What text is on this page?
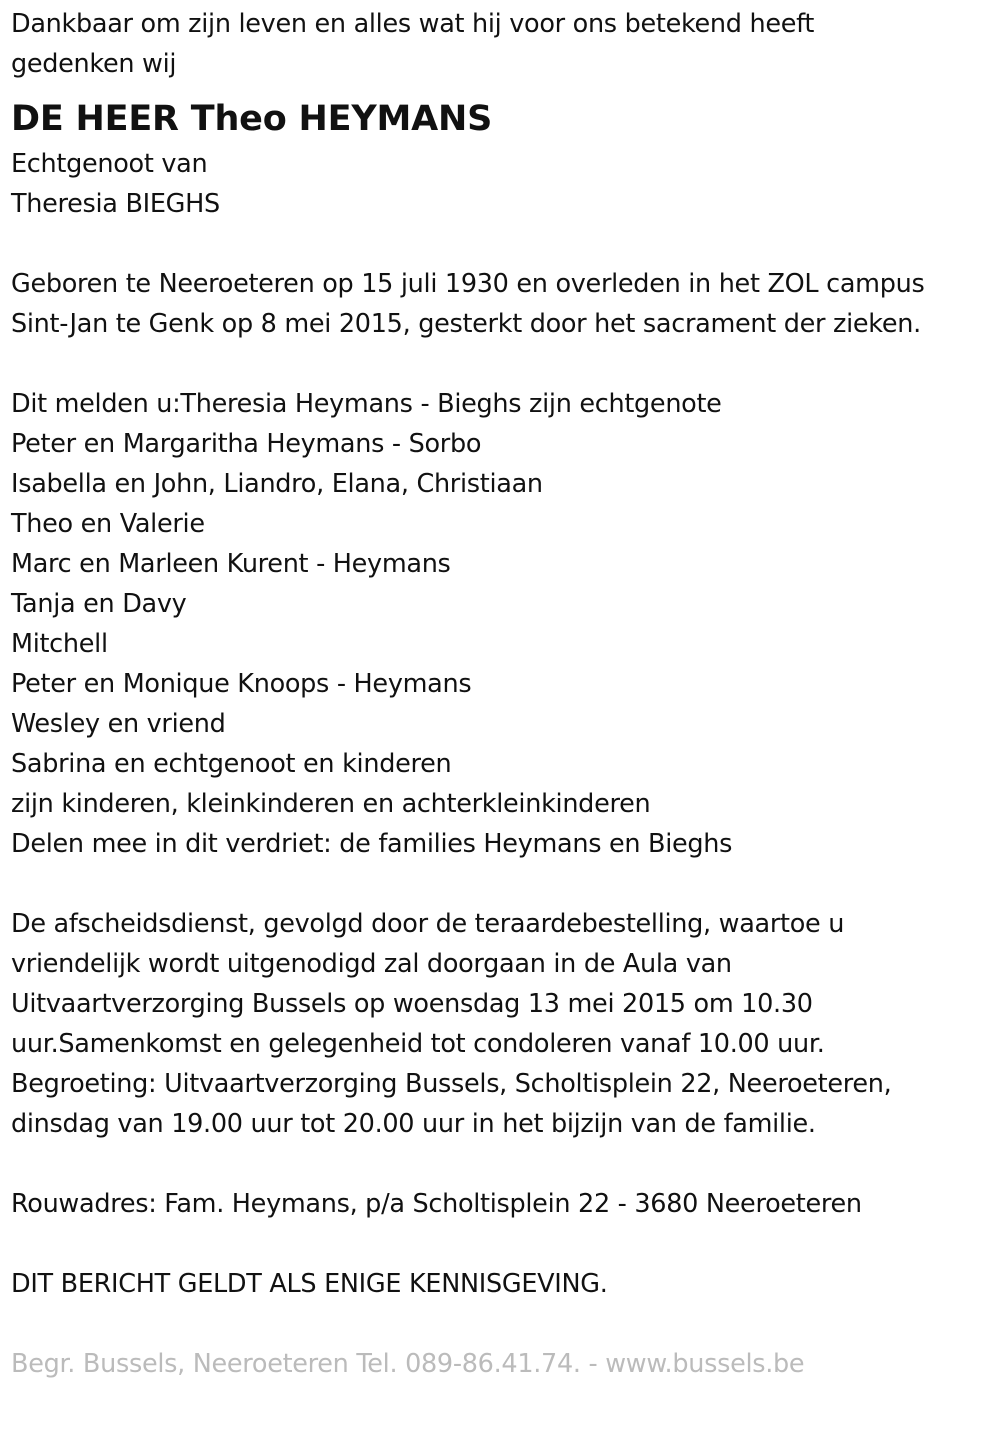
Dankbaar om zijn leven en alles wat hij voor ons betekend heeft
gedenken wij
DE HEER Theo HEYMANS
Echtgenoot van
Theresia BIEGHS
Geboren te Neeroeteren op 15 juli 1930 en overleden in het ZOL campus
Sint-Jan te Genk op 8 mei 2015, gesterkt door het sacrament der zieken.
Dit melden u:Theresia Heymans - Bieghs zijn echtgenote
Peter en Margaritha Heymans - Sorbo
Isabella en John, Liandro, Elana, Christiaan
Theo en Valerie
Marc en Marleen Kurent - Heymans
Tanja en Davy
Mitchell
Peter en Monique Knoops - Heymans
Wesley en vriend
Sabrina en echtgenoot en kinderen
zijn kinderen, kleinkinderen en achterkleinkinderen
Delen mee in dit verdriet: de families Heymans en Bieghs
De afscheidsdienst, gevolgd door de teraardebestelling, waartoe u
vriendelijk wordt uitgenodigd zal doorgaan in de Aula van
Uitvaartverzorging Bussels op woensdag 13 mei 2015 om 10.30
uur.Samenkomst en gelegenheid tot condoleren vanaf 10.00 uur.
Begroeting: Uitvaartverzorging Bussels, Scholtisplein 22, Neeroeteren,
dinsdag van 19.00 uur tot 20.00 uur in het bijzijn van de familie.
Rouwadres: Fam. Heymans, p/a Scholtisplein 22 - 3680 Neeroeteren
DIT BERICHT GELDT ALS ENIGE KENNISGEVING.
Begr. Bussels, Neeroeteren Tel. 089-86.41.74. - www.bussels.be
